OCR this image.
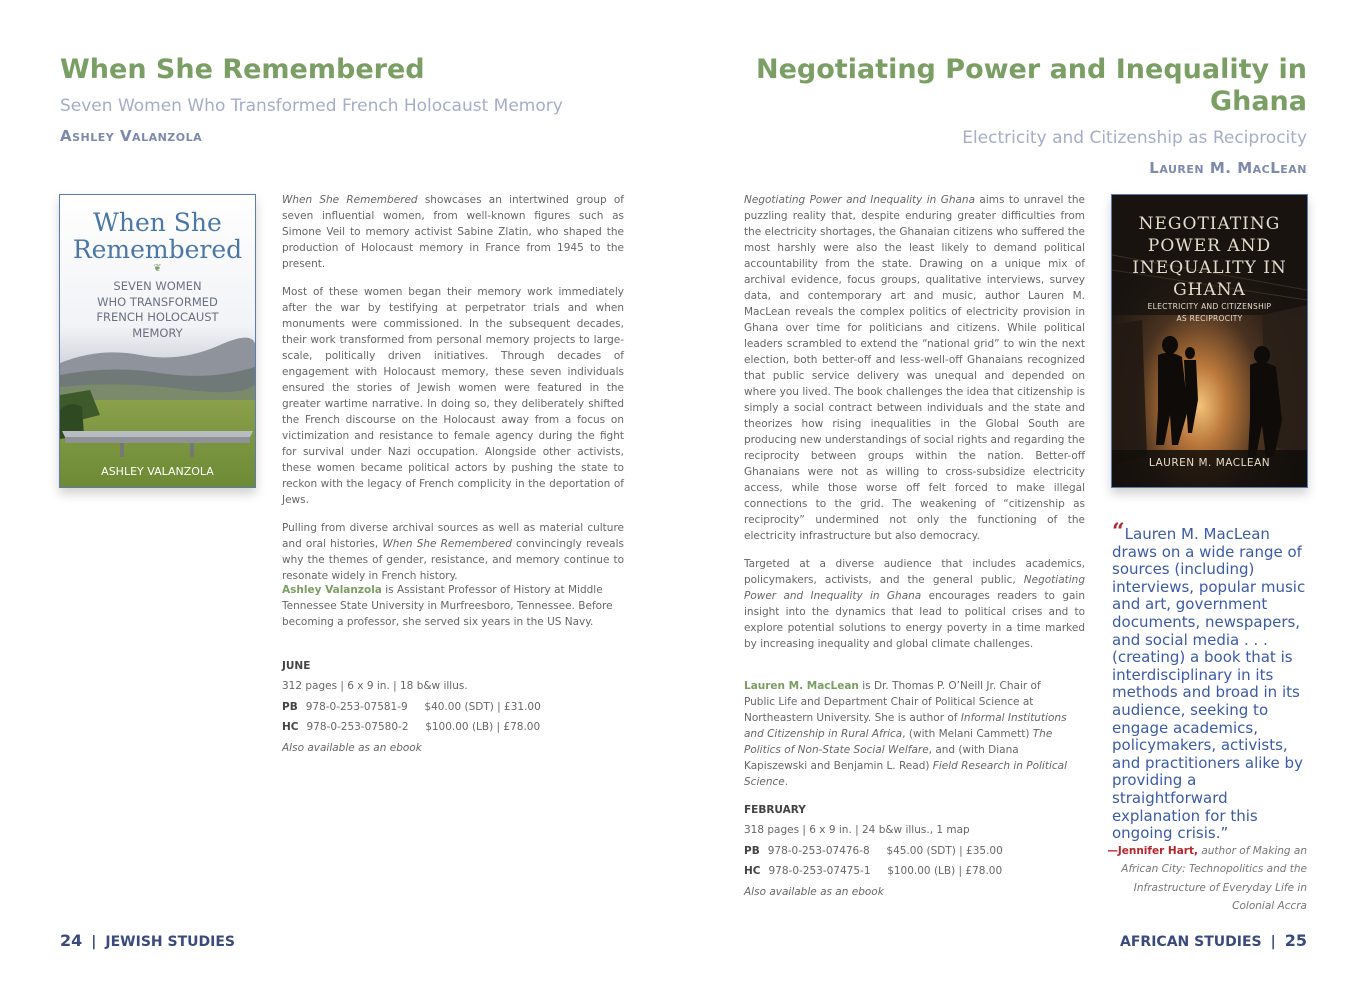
When She Remembered
Seven Women Who Transformed French Holocaust Memory
Ashley Valanzola
When She
Remembered
❦
SEVEN WOMEN
WHO TRANSFORMED
FRENCH HOLOCAUST
MEMORY
ASHLEY VALANZOLA

When She Remembered showcases an intertwined group of seven influential women, from well-known figures such as Simone Veil to memory activist Sabine Zlatin, who shaped the production of Holocaust memory in France from 1945 to the present.

Most of these women began their memory work immediately after the war by testifying at perpetrator trials and when monuments were commissioned. In the subsequent decades, their work transformed from personal memory projects to large-scale, politically driven initiatives. Through decades of engagement with Holocaust memory, these seven individuals ensured the stories of Jewish women were featured in the greater wartime narrative. In doing so, they deliberately shifted the French discourse on the Holocaust away from a focus on victimization and resistance to female agency during the fight for survival under Nazi occupation. Alongside other activists, these women became political actors by pushing the state to reckon with the legacy of French complicity in the deportation of Jews.

Pulling from diverse archival sources as well as material culture and oral histories, When She Remembered convincingly reveals why the themes of gender, resistance, and memory continue to resonate widely in French history.

Ashley Valanzola is Assistant Professor of History at Middle Tennessee State University in Murfreesboro, Tennessee. Before becoming a professor, she served six years in the US Navy.
JUNE
312 pages | 6 x 9 in. | 18 b&w illus.
PB 978-0-253-07581-9     $40.00 (SDT) | £31.00
HC 978-0-253-07580-2     $100.00 (LB) | £78.00
Also available as an ebook
24 | JEWISH STUDIES
Negotiating Power and Inequality in
Ghana
Electricity and Citizenship as Reciprocity
Lauren M. MacLean

Negotiating Power and Inequality in Ghana aims to unravel the puzzling reality that, despite enduring greater difficulties from the electricity shortages, the Ghanaian citizens who suffered the most harshly were also the least likely to demand political accountability from the state. Drawing on a unique mix of archival evidence, focus groups, qualitative interviews, survey data, and contemporary art and music, author Lauren M. MacLean reveals the complex politics of electricity provision in Ghana over time for politicians and citizens. While political leaders scrambled to extend the “national grid” to win the next election, both better-off and less-well-off Ghanaians recognized that public service delivery was unequal and depended on where you lived. The book challenges the idea that citizenship is simply a social contract between individuals and the state and theorizes how rising inequalities in the Global South are producing new understandings of social rights and regarding the reciprocity between groups within the nation. Better-off Ghanaians were not as willing to cross-subsidize electricity access, while those worse off felt forced to make illegal connections to the grid. The weakening of “citizenship as reciprocity” undermined not only the functioning of the electricity infrastructure but also democracy.

Targeted at a diverse audience that includes academics, policymakers, activists, and the general public, Negotiating Power and Inequality in Ghana encourages readers to gain insight into the dynamics that lead to political crises and to explore potential solutions to energy poverty in a time marked by increasing inequality and global climate challenges.

Lauren M. MacLean is Dr. Thomas P. O’Neill Jr. Chair of Public Life and Department Chair of Political Science at Northeastern University. She is author of Informal Institutions and Citizenship in Rural Africa, (with Melani Cammett) The Politics of Non-State Social Welfare, and (with Diana Kapiszewski and Benjamin L. Read) Field Research in Political Science.
FEBRUARY
318 pages | 6 x 9 in. | 24 b&w illus., 1 map
PB 978-0-253-07476-8     $45.00 (SDT) | £35.00
HC 978-0-253-07475-1     $100.00 (LB) | £78.00
Also available as an ebook
NEGOTIATING
POWER AND
INEQUALITY IN
GHANA
ELECTRICITY AND CITIZENSHIP
AS RECIPROCITY
LAUREN M. MACLEAN
“Lauren M. MacLean draws on a wide range of sources (including) interviews, popular music and art, government documents, newspapers, and social media . . . (creating) a book that is interdisciplinary in its methods and broad in its audience, seeking to engage academics, policymakers, activists, and practitioners alike by providing a straightforward explanation for this ongoing crisis.”
—Jennifer Hart, author of Making an African City: Technopolitics and the Infrastructure of Everyday Life in Colonial Accra
AFRICAN STUDIES | 25
